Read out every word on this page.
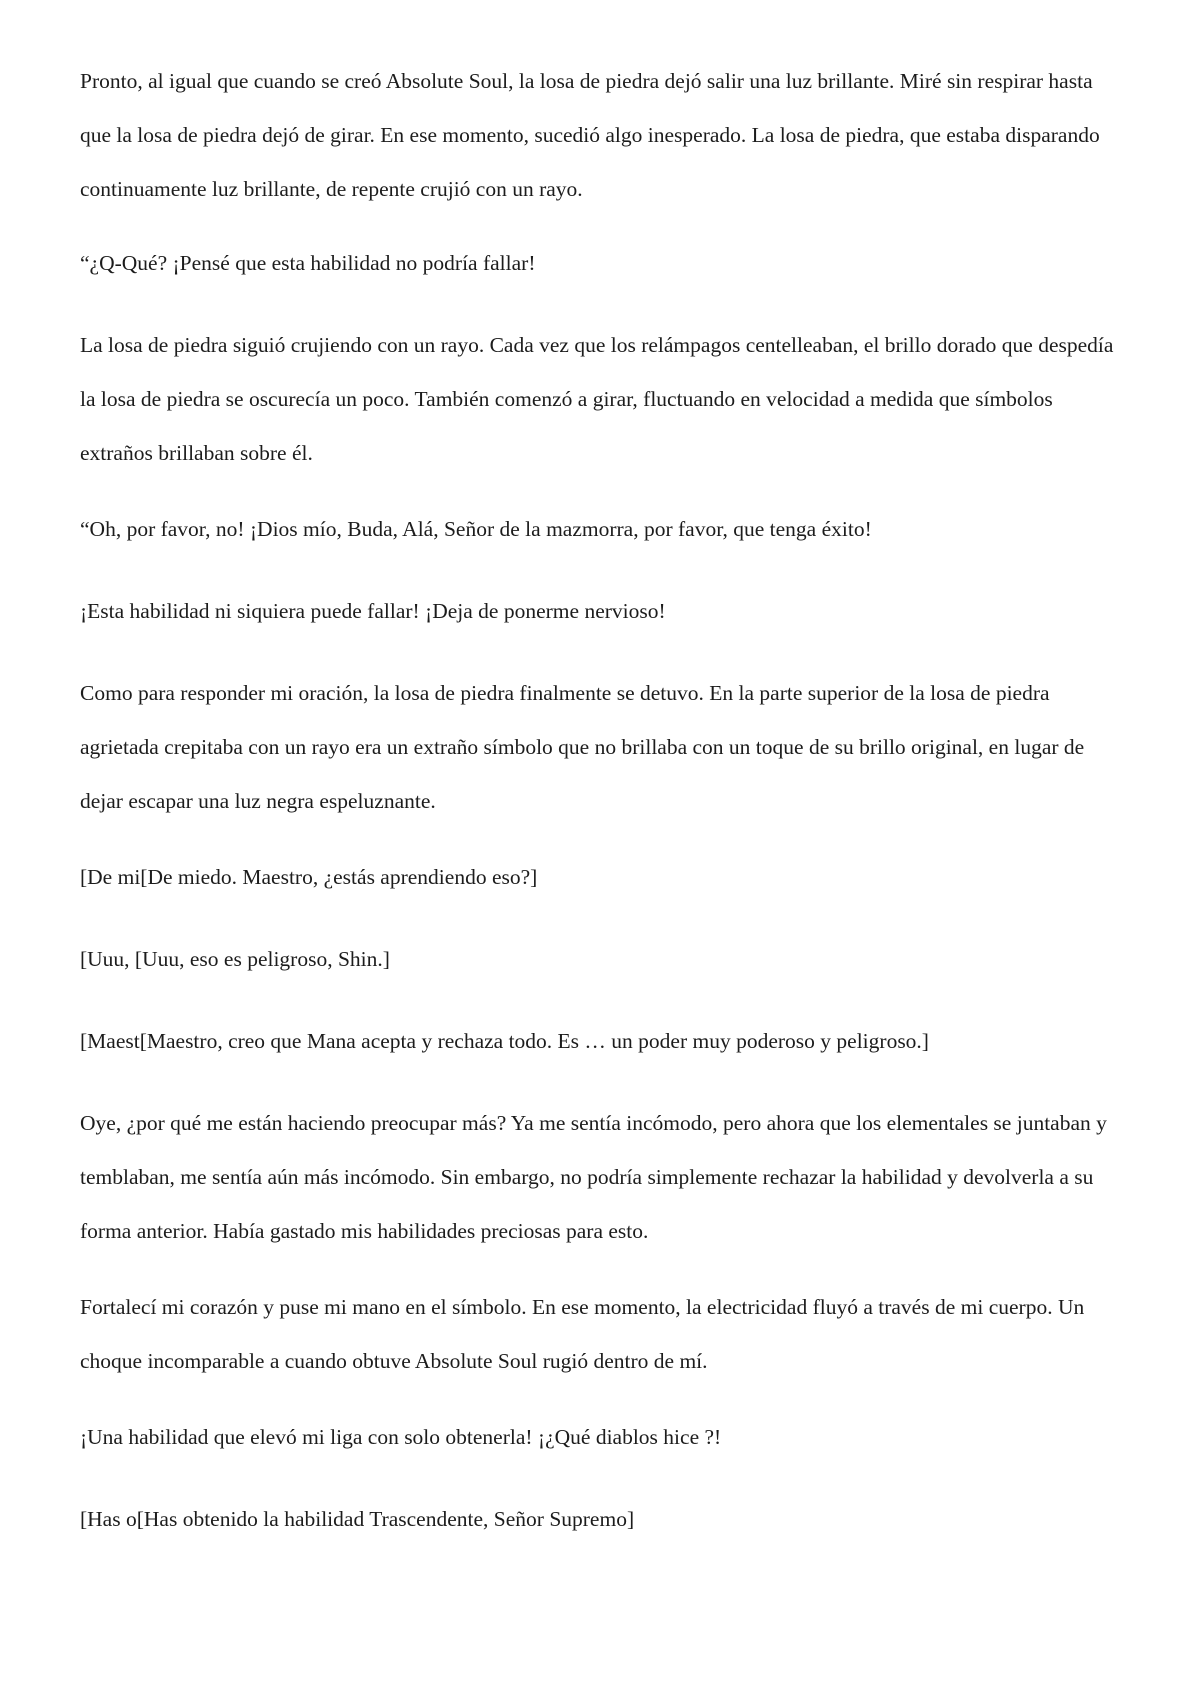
Pronto, al igual que cuando se creó Absolute Soul, la losa de piedra dejó salir una luz brillante. Miré sin respirar hasta que la losa de piedra dejó de girar. En ese momento, sucedió algo inesperado. La losa de piedra, que estaba disparando continuamente luz brillante, de repente crujió con un rayo.

“¿Q-Qué? ¡Pensé que esta habilidad no podría fallar!

La losa de piedra siguió crujiendo con un rayo. Cada vez que los relámpagos centelleaban, el brillo dorado que despedía la losa de piedra se oscurecía un poco. También comenzó a girar, fluctuando en velocidad a medida que símbolos extraños brillaban sobre él.

“Oh, por favor, no! ¡Dios mío, Buda, Alá, Señor de la mazmorra, por favor, que tenga éxito!

¡Esta habilidad ni siquiera puede fallar! ¡Deja de ponerme nervioso!

Como para responder mi oración, la losa de piedra finalmente se detuvo. En la parte superior de la losa de piedra agrietada crepitaba con un rayo era un extraño símbolo que no brillaba con un toque de su brillo original, en lugar de dejar escapar una luz negra espeluznante.

[De mi[De miedo. Maestro, ¿estás aprendiendo eso?]

[Uuu, [Uuu, eso es peligroso, Shin.]

[Maest[Maestro, creo que Mana acepta y rechaza todo. Es … un poder muy poderoso y peligroso.]

Oye, ¿por qué me están haciendo preocupar más? Ya me sentía incómodo, pero ahora que los elementales se juntaban y temblaban, me sentía aún más incómodo. Sin embargo, no podría simplemente rechazar la habilidad y devolverla a su forma anterior. Había gastado mis habilidades preciosas para esto.

Fortalecí mi corazón y puse mi mano en el símbolo. En ese momento, la electricidad fluyó a través de mi cuerpo. Un choque incomparable a cuando obtuve Absolute Soul rugió dentro de mí.

¡Una habilidad que elevó mi liga con solo obtenerla! ¡¿Qué diablos hice ?!

[Has o[Has obtenido la habilidad Trascendente, Señor Supremo]
